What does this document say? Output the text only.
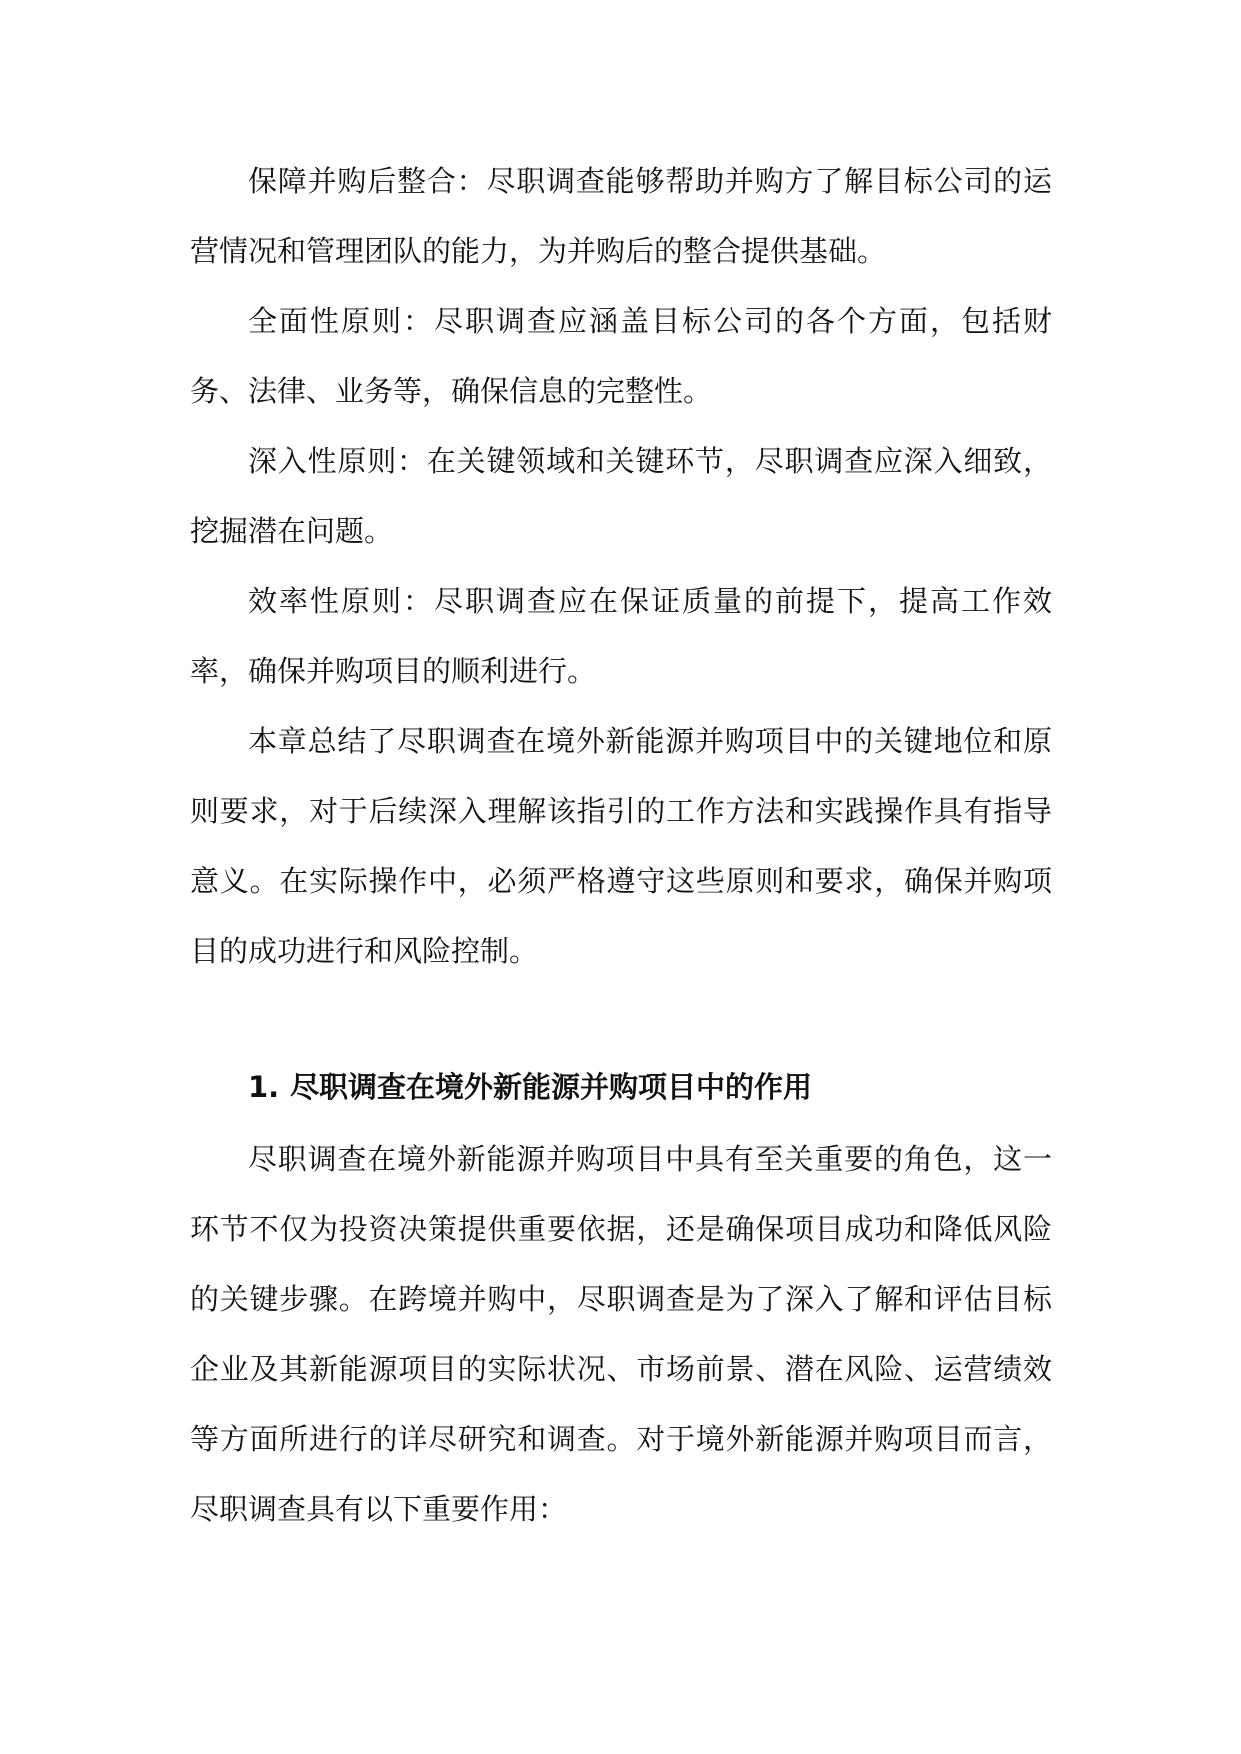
保障并购后整合：尽职调查能够帮助并购方了解目标公司的运营情况和管理团队的能力，为并购后的整合提供基础。

全面性原则：尽职调查应涵盖目标公司的各个方面，包括财务、法律、业务等，确保信息的完整性。

深入性原则：在关键领域和关键环节，尽职调查应深入细致，挖掘潜在问题。

效率性原则：尽职调查应在保证质量的前提下，提高工作效率，确保并购项目的顺利进行。

本章总结了尽职调查在境外新能源并购项目中的关键地位和原则要求，对于后续深入理解该指引的工作方法和实践操作具有指导意义。在实际操作中，必须严格遵守这些原则和要求，确保并购项目的成功进行和风险控制。

1. 尽职调查在境外新能源并购项目中的作用

尽职调查在境外新能源并购项目中具有至关重要的角色，这一环节不仅为投资决策提供重要依据，还是确保项目成功和降低风险的关键步骤。在跨境并购中，尽职调查是为了深入了解和评估目标企业及其新能源项目的实际状况、市场前景、潜在风险、运营绩效等方面所进行的详尽研究和调查。对于境外新能源并购项目而言，尽职调查具有以下重要作用：
